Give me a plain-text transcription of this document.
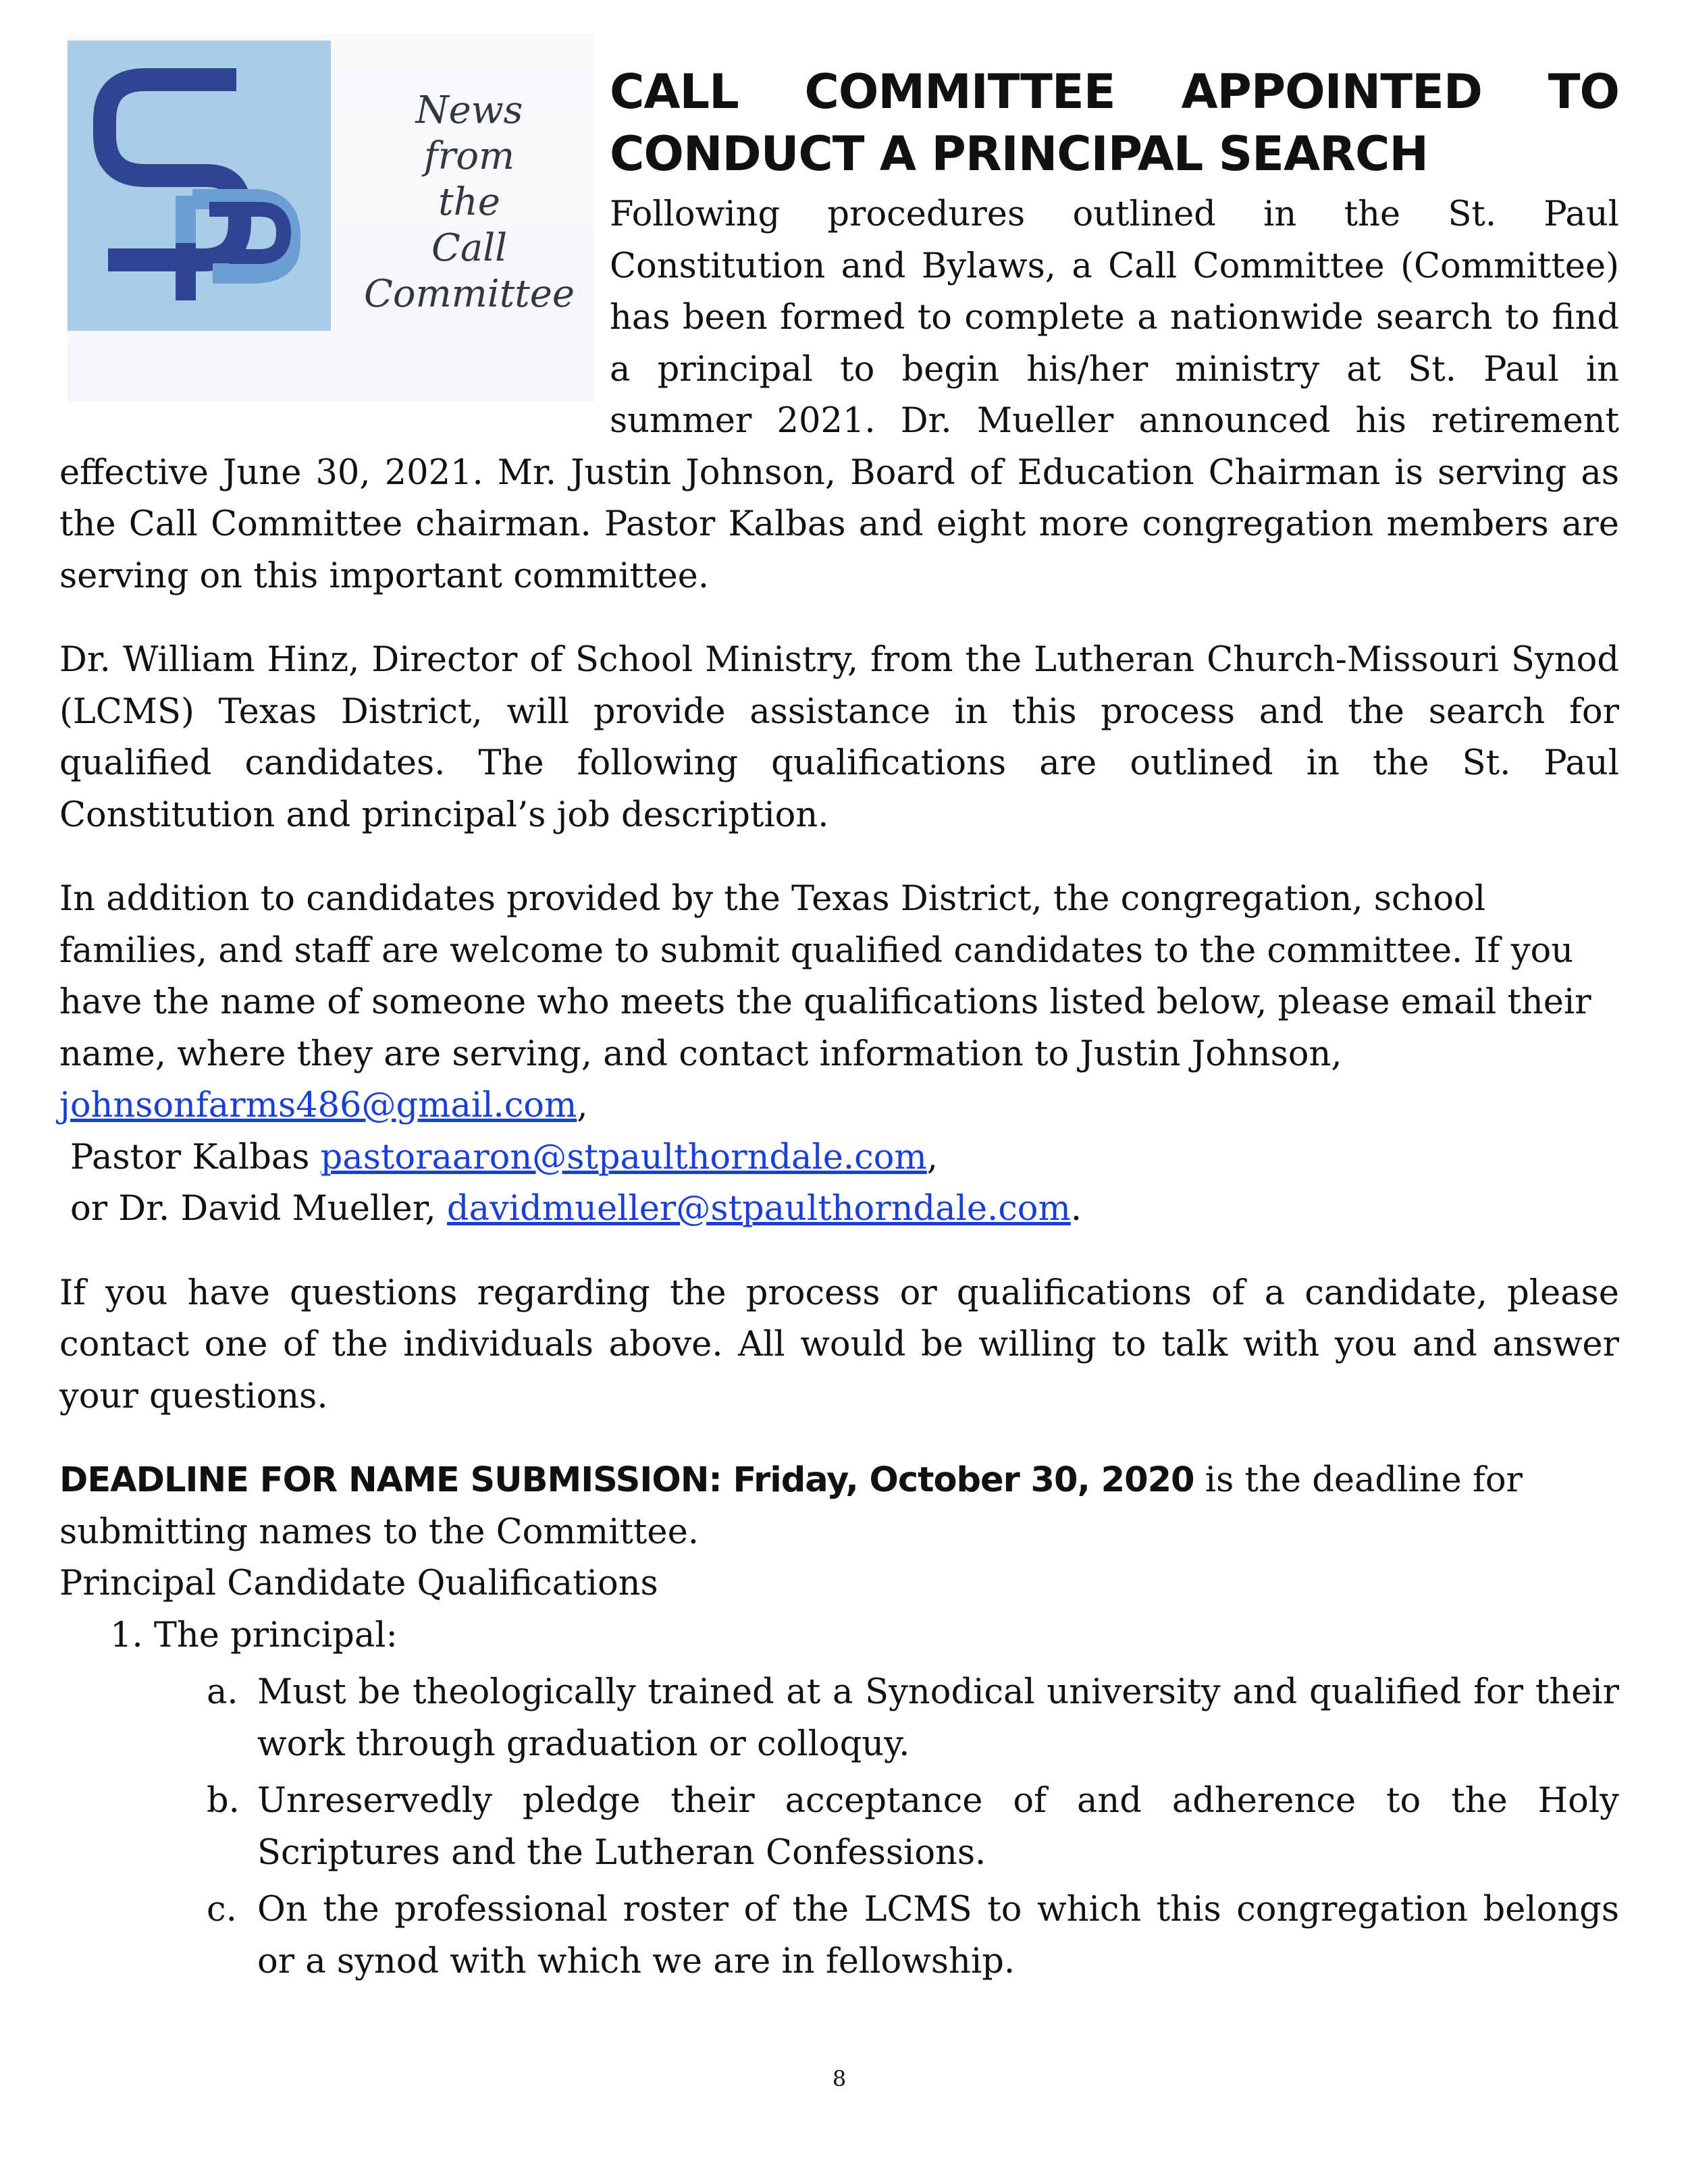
News
from
the
Call
Committee
CALL COMMITTEE APPOINTED TO
CONDUCT A PRINCIPAL SEARCH

Following procedures outlined in the St. Paul Constitution and Bylaws, a Call Committee (Committee) has been formed to complete a nationwide search to find a principal to begin his/her ministry at St. Paul in summer 2021. Dr. Mueller announced his retirement effective June 30, 2021. Mr. Justin Johnson, Board of Education Chairman is serving as the Call Committee chairman. Pastor Kalbas and eight more congregation members are serving on this important committee.

Dr. William Hinz, Director of School Ministry, from the Lutheran Church-Missouri Synod (LCMS) Texas District, will provide assistance in this process and the search for qualified candidates. The following qualifications are outlined in the St. Paul Constitution and principal’s job description.

In addition to candidates provided by the Texas District, the congregation, school families, and staff are welcome to submit qualified candidates to the committee. If you have the name of someone who meets the qualifications listed below, please email their name, where they are serving, and contact information to Justin Johnson, johnsonfarms486@gmail.com,
Pastor Kalbas pastoraaron@stpaulthorndale.com,
or Dr. David Mueller, davidmueller@stpaulthorndale.com.

If you have questions regarding the process or qualifications of a candidate, please contact one of the individuals above. All would be willing to talk with you and answer your questions.

DEADLINE FOR NAME SUBMISSION: Friday, October 30, 2020 is the deadline for submitting names to the Committee.

Principal Candidate Qualifications
1. The principal:
a. Must be theologically trained at a Synodical university and qualified for their work through graduation or colloquy.
b. Unreservedly pledge their acceptance of and adherence to the Holy Scriptures and the Lutheran Confessions.
c. On the professional roster of the LCMS to which this congregation belongs or a synod with which we are in fellowship.
8
